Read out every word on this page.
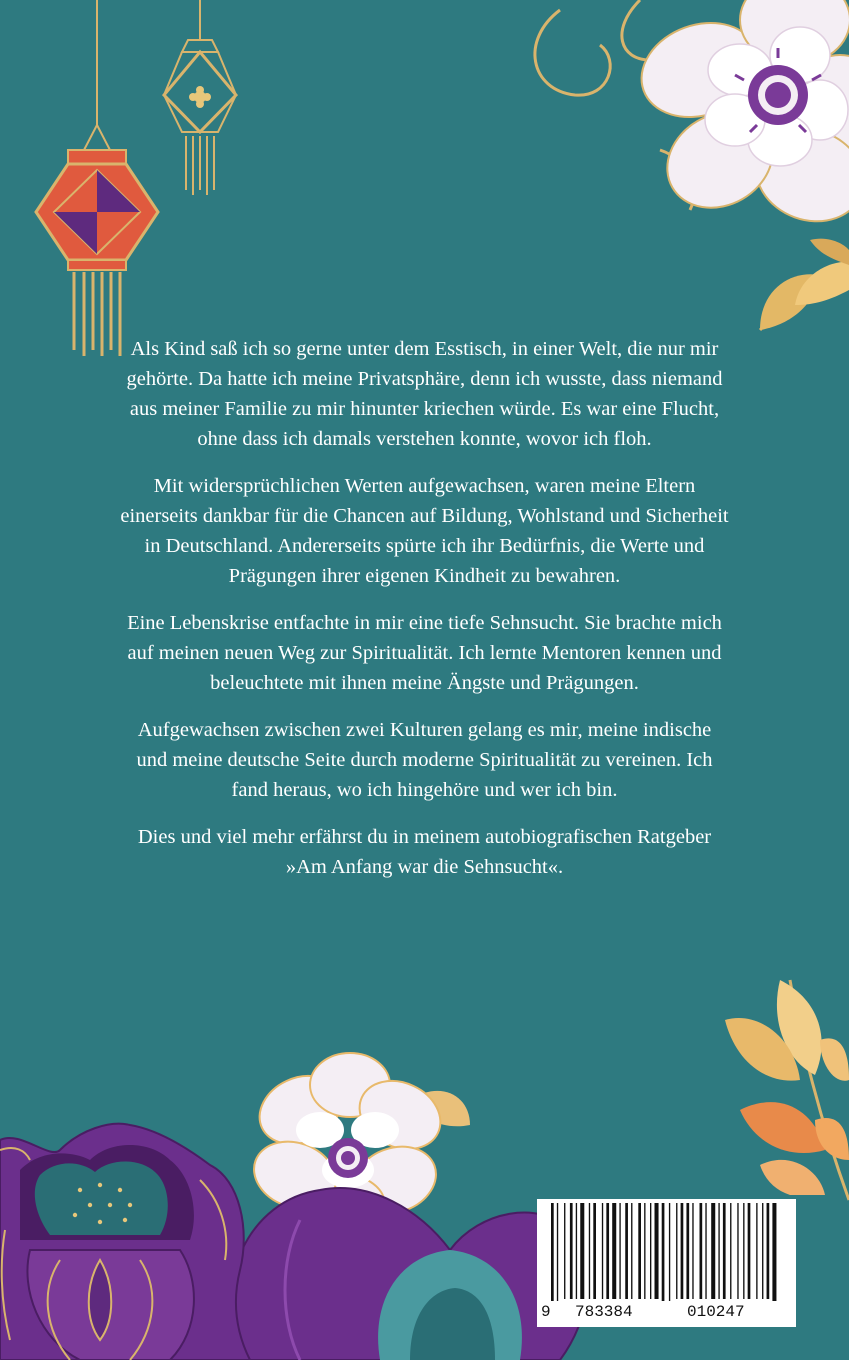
Als Kind saß ich so gerne unter dem Esstisch, in einer Welt, die nur mir gehörte. Da hatte ich meine Privatsphäre, denn ich wusste, dass niemand aus meiner Familie zu mir hinunter kriechen würde. Es war eine Flucht, ohne dass ich damals verstehen konnte, wovor ich floh.

Mit widersprüchlichen Werten aufgewachsen, waren meine Eltern einerseits dankbar für die Chancen auf Bildung, Wohlstand und Sicherheit in Deutschland. Andererseits spürte ich ihr Bedürfnis, die Werte und Prägungen ihrer eigenen Kindheit zu bewahren.

Eine Lebenskrise entfachte in mir eine tiefe Sehnsucht. Sie brachte mich auf meinen neuen Weg zur Spiritualität. Ich lernte Mentoren kennen und beleuchtete mit ihnen meine Ängste und Prägungen.

Aufgewachsen zwischen zwei Kulturen gelang es mir, meine indische und meine deutsche Seite durch moderne Spiritualität zu vereinen. Ich fand heraus, wo ich hingehöre und wer ich bin.

Dies und viel mehr erfährst du in meinem autobiografischen Ratgeber »Am Anfang war die Sehnsucht«.

9 783384	010247
